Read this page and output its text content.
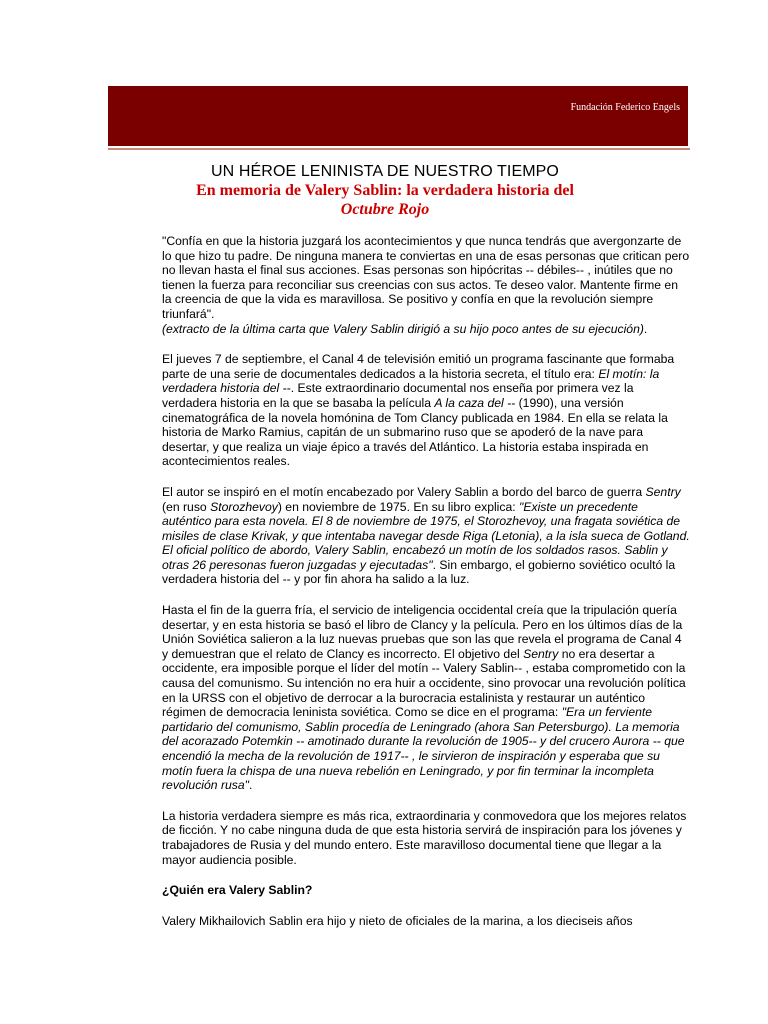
Fundación Federico Engels
UN HÉROE LENINISTA DE NUESTRO TIEMPO
En memoria de Valery Sablin: la verdadera historia del
Octubre Rojo

"Confía en que la historia juzgará los acontecimientos y que nunca tendrás que avergonzarte de lo que hizo tu padre. De ninguna manera te conviertas en una de esas personas que critican pero no llevan hasta el final sus acciones. Esas personas son hipócritas -- débiles-- , inútiles que no tienen la fuerza para reconciliar sus creencias con sus actos. Te deseo valor. Mantente firme en la creencia de que la vida es maravillosa. Se positivo y confía en que la revolución siempre triunfará".
(extracto de la última carta que Valery Sablin dirigió a su hijo poco antes de su ejecución).

El jueves 7 de septiembre, el Canal 4 de televisión emitió un programa fascinante que formaba parte de una serie de documentales dedicados a la historia secreta, el título era: El motín: la verdadera historia del --. Este extraordinario documental nos enseña por primera vez la verdadera historia en la que se basaba la película A la caza del -- (1990), una versión cinematográfica de la novela homónina de Tom Clancy publicada en 1984. En ella se relata la historia de Marko Ramius, capitán de un submarino ruso que se apoderó de la nave para desertar, y que realiza un viaje épico a través del Atlántico. La historia estaba inspirada en acontecimientos reales.

El autor se inspiró en el motín encabezado por Valery Sablin a bordo del barco de guerra Sentry (en ruso Storozhevoy) en noviembre de 1975. En su libro explica: "Existe un precedente auténtico para esta novela. El 8 de noviembre de 1975, el Storozhevoy, una fragata soviética de misiles de clase Krivak, y que intentaba navegar desde Riga (Letonia), a la isla sueca de Gotland. El oficial político de abordo, Valery Sablin, encabezó un motín de los soldados rasos. Sablin y otras 26 peresonas fueron juzgadas y ejecutadas". Sin embargo, el gobierno soviético ocultó la verdadera historia del -- y por fin ahora ha salido a la luz.

Hasta el fin de la guerra fría, el servicio de inteligencia occidental creía que la tripulación quería desertar, y en esta historia se basó el libro de Clancy y la película. Pero en los últimos días de la Unión Soviética salieron a la luz nuevas pruebas que son las que revela el programa de Canal 4 y demuestran que el relato de Clancy es incorrecto. El objetivo del Sentry no era desertar a occidente, era imposible porque el líder del motín -- Valery Sablin-- , estaba comprometido con la causa del comunismo. Su intención no era huir a occidente, sino provocar una revolución política en la URSS con el objetivo de derrocar a la burocracia estalinista y restaurar un auténtico régimen de democracia leninista soviética. Como se dice en el programa: "Era un ferviente partidario del comunismo, Sablin procedía de Leningrado (ahora San Petersburgo). La memoria del acorazado Potemkin -- amotinado durante la revolución de 1905-- y del crucero Aurora -- que encendió la mecha de la revolución de 1917-- , le sirvieron de inspiración y esperaba que su motín fuera la chispa de una nueva rebelión en Leningrado, y por fin terminar la incompleta revolución rusa".

La historia verdadera siempre es más rica, extraordinaria y conmovedora que los mejores relatos de ficción. Y no cabe ninguna duda de que esta historia servirá de inspiración para los jóvenes y trabajadores de Rusia y del mundo entero. Este maravilloso documental tiene que llegar a la mayor audiencia posible.

¿Quién era Valery Sablin?

Valery Mikhailovich Sablin era hijo y nieto de oficiales de la marina, a los dieciseis años
